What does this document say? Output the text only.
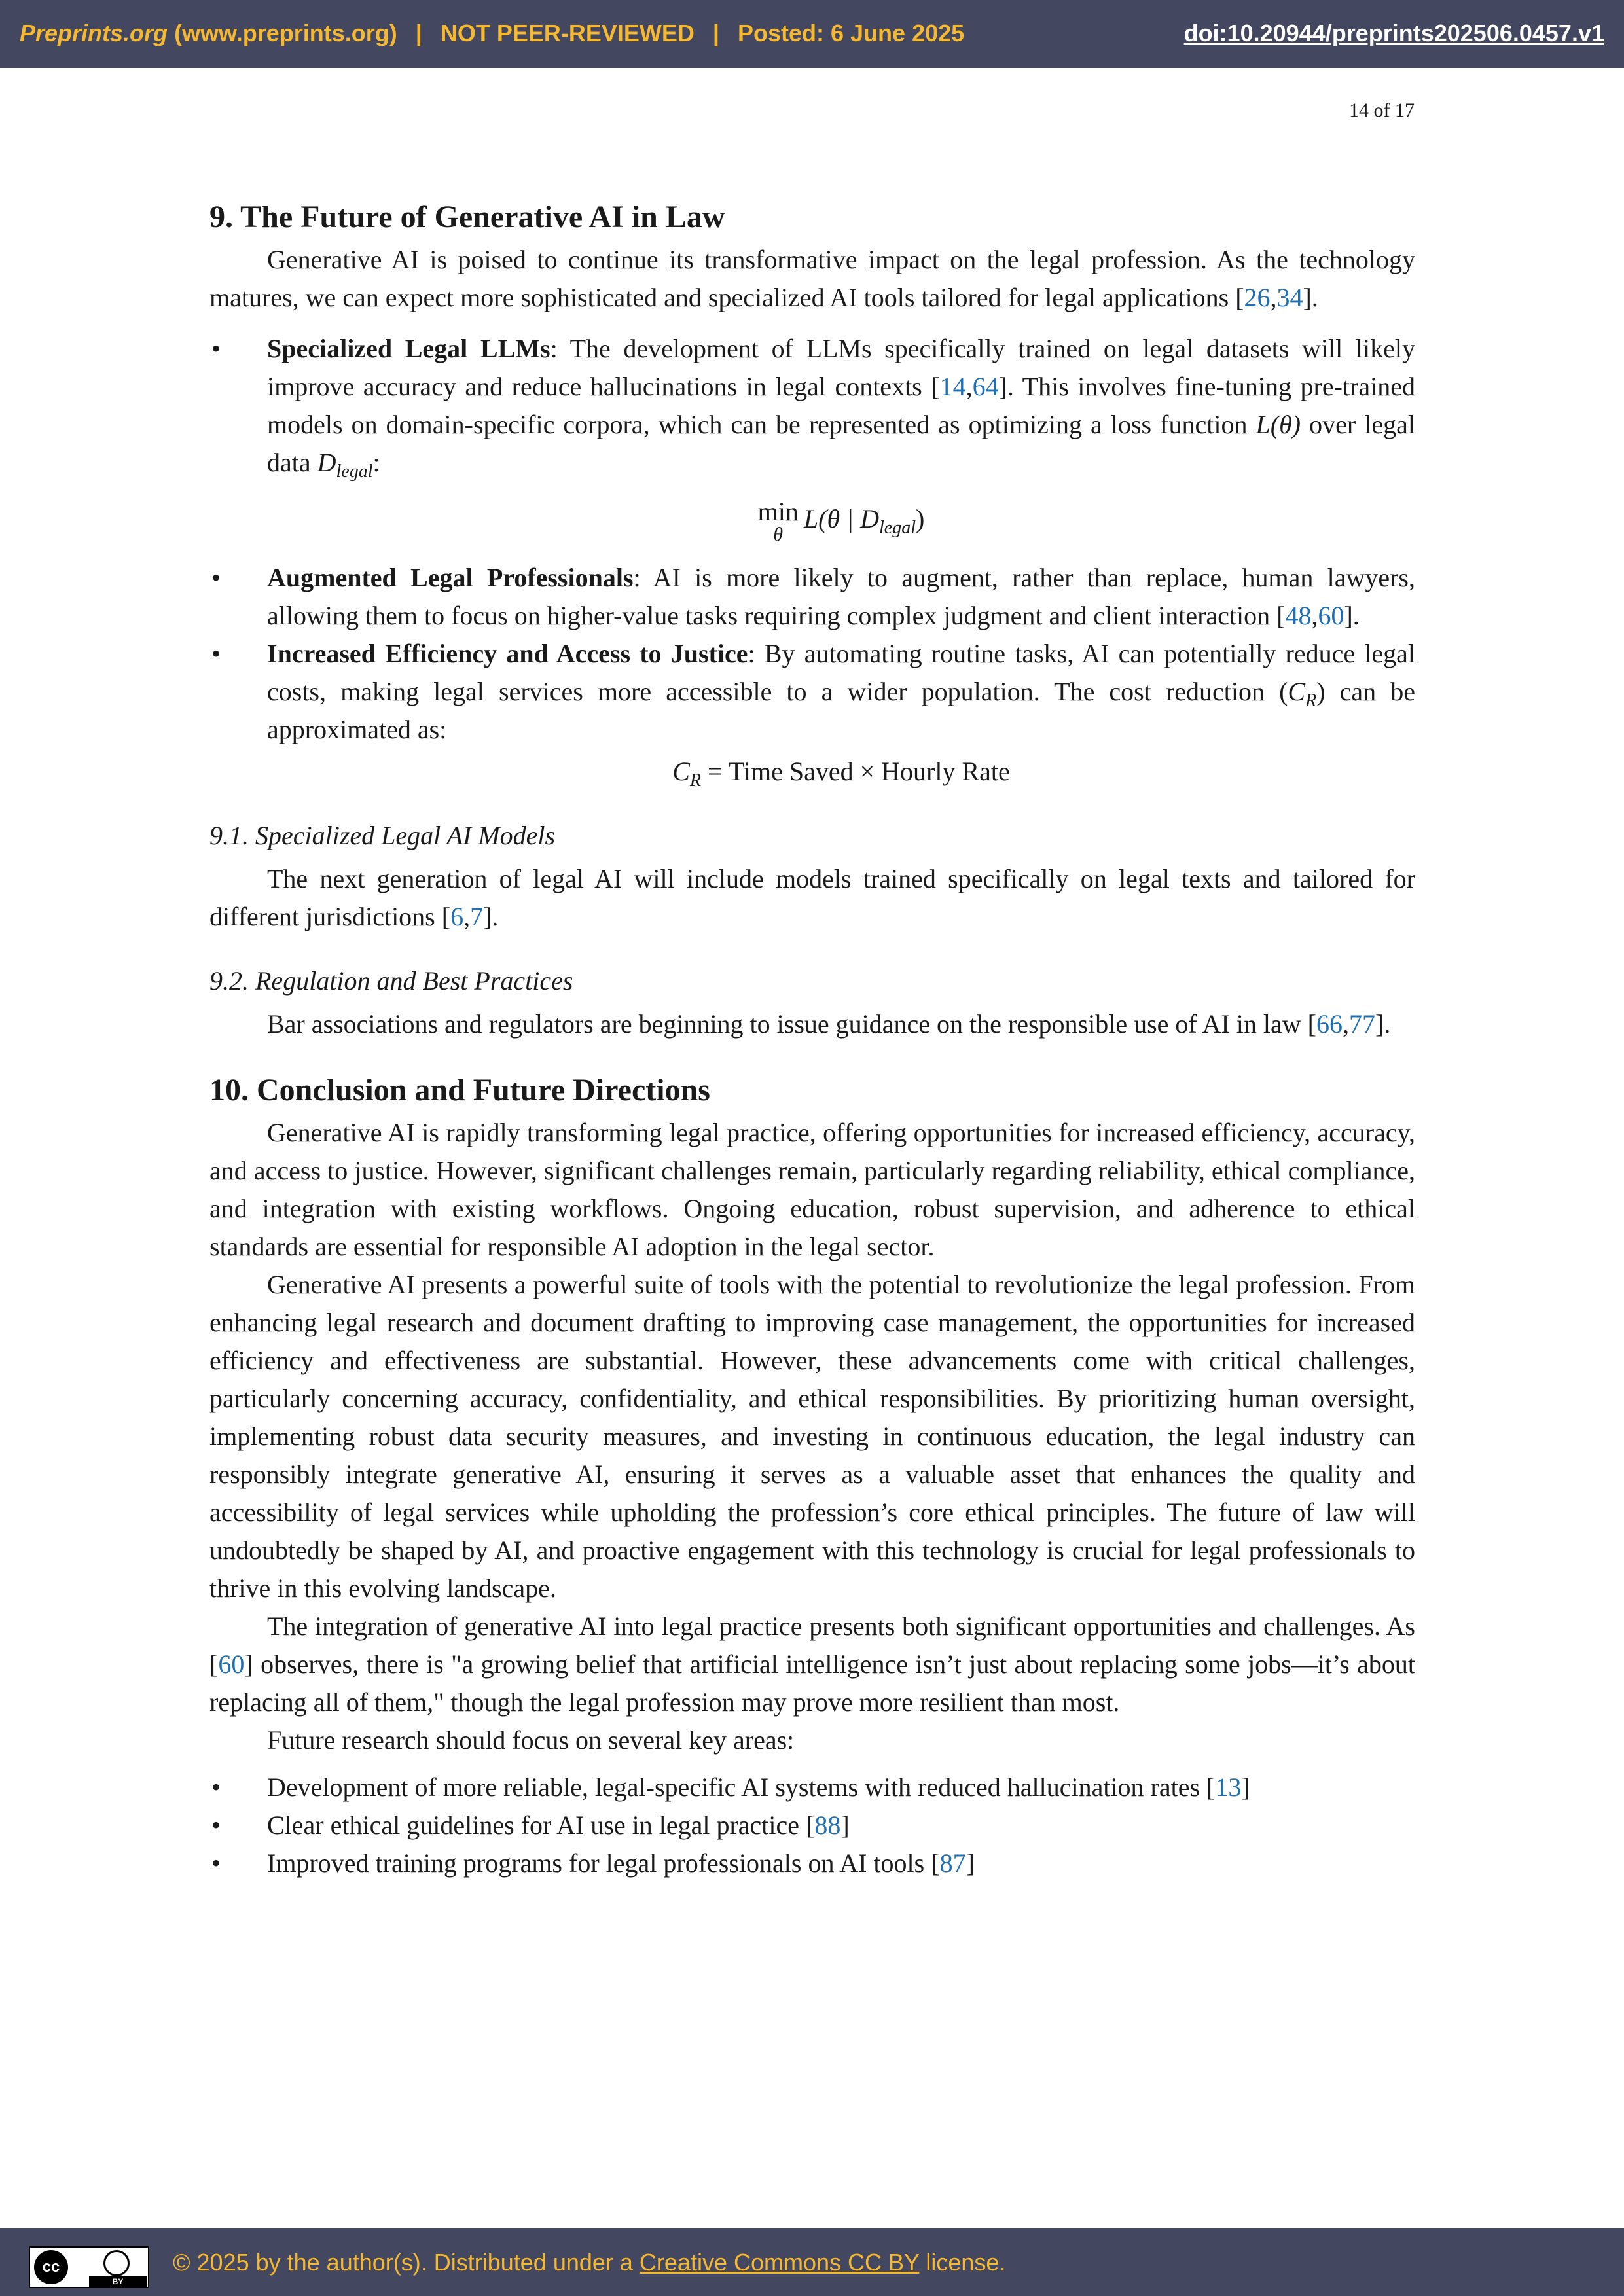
Preprints.org (www.preprints.org) | NOT PEER-REVIEWED | Posted: 6 June 2025	doi:10.20944/preprints202506.0457.v1
14 of 17
9. The Future of Generative AI in Law

Generative AI is poised to continue its transformative impact on the legal profession. As the technology matures, we can expect more sophisticated and specialized AI tools tailored for legal applications [26,34].

• Specialized Legal LLMs: The development of LLMs specifically trained on legal datasets will likely improve accuracy and reduce hallucinations in legal contexts [14,64]. This involves fine-tuning pre-trained models on domain-specific corpora, which can be represented as optimizing a loss function L(θ) over legal data $D_{legal}$:
min
θ
L(θ | $D_{legal}$)
• Augmented Legal Professionals: AI is more likely to augment, rather than replace, human lawyers, allowing them to focus on higher-value tasks requiring complex judgment and client interaction [48,60].
• Increased Efficiency and Access to Justice: By automating routine tasks, AI can potentially reduce legal costs, making legal services more accessible to a wider population. The cost reduction $(C_R)$ can be approximated as:
$C_R$ = Time Saved × Hourly Rate
9.1. Specialized Legal AI Models

The next generation of legal AI will include models trained specifically on legal texts and tailored for different jurisdictions [6,7].

9.2. Regulation and Best Practices

Bar associations and regulators are beginning to issue guidance on the responsible use of AI in law [66,77].

10. Conclusion and Future Directions

Generative AI is rapidly transforming legal practice, offering opportunities for increased efficiency, accuracy, and access to justice. However, significant challenges remain, particularly regarding reliability, ethical compliance, and integration with existing workflows. Ongoing education, robust supervision, and adherence to ethical standards are essential for responsible AI adoption in the legal sector.

Generative AI presents a powerful suite of tools with the potential to revolutionize the legal profession. From enhancing legal research and document drafting to improving case management, the opportunities for increased efficiency and effectiveness are substantial. However, these advancements come with critical challenges, particularly concerning accuracy, confidentiality, and ethical responsibilities. By prioritizing human oversight, implementing robust data security measures, and investing in continuous education, the legal industry can responsibly integrate generative AI, ensuring it serves as a valuable asset that enhances the quality and accessibility of legal services while upholding the profession’s core ethical principles. The future of law will undoubtedly be shaped by AI, and proactive engagement with this technology is crucial for legal professionals to thrive in this evolving landscape.

The integration of generative AI into legal practice presents both significant opportunities and challenges. As [60] observes, there is "a growing belief that artificial intelligence isn’t just about replacing some jobs—it’s about replacing all of them," though the legal profession may prove more resilient than most.

Future research should focus on several key areas:

• Development of more reliable, legal-specific AI systems with reduced hallucination rates [13]
• Clear ethical guidelines for AI use in legal practice [88]
• Improved training programs for legal professionals on AI tools [87]
cc
BY
© 2025 by the author(s). Distributed under a Creative Commons CC BY license.
